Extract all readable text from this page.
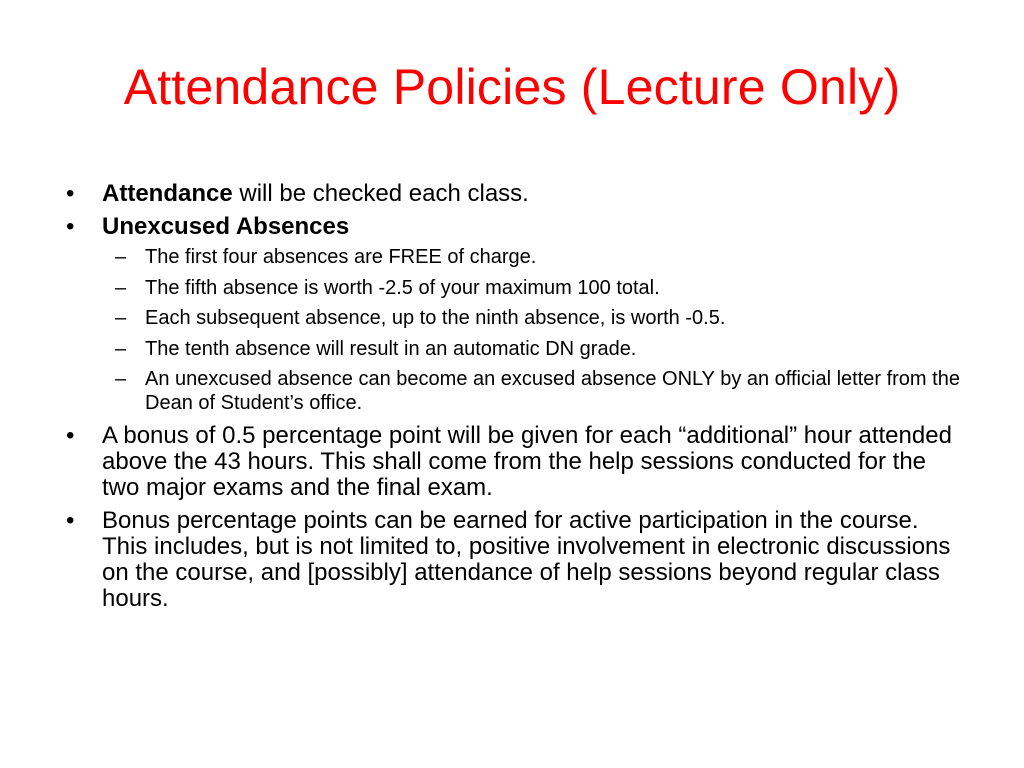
Attendance Policies (Lecture Only)
•	Attendance will be checked each class.
•	Unexcused Absences
– The first four absences are FREE of charge.
– The fifth absence is worth -2.5 of your maximum 100 total.
– Each subsequent absence, up to the ninth absence, is worth -0.5.
– The tenth absence will result in an automatic DN grade.
– An unexcused absence can become an excused absence ONLY by an official letter from the Dean of Student’s office.
•	A bonus of 0.5 percentage point will be given for each “additional” hour attended above the 43 hours. This shall come from the help sessions conducted for the two major exams and the final exam.
•	Bonus percentage points can be earned for active participation in the course. This includes, but is not limited to, positive involvement in electronic discussions on the course, and [possibly] attendance of help sessions beyond regular class hours.
